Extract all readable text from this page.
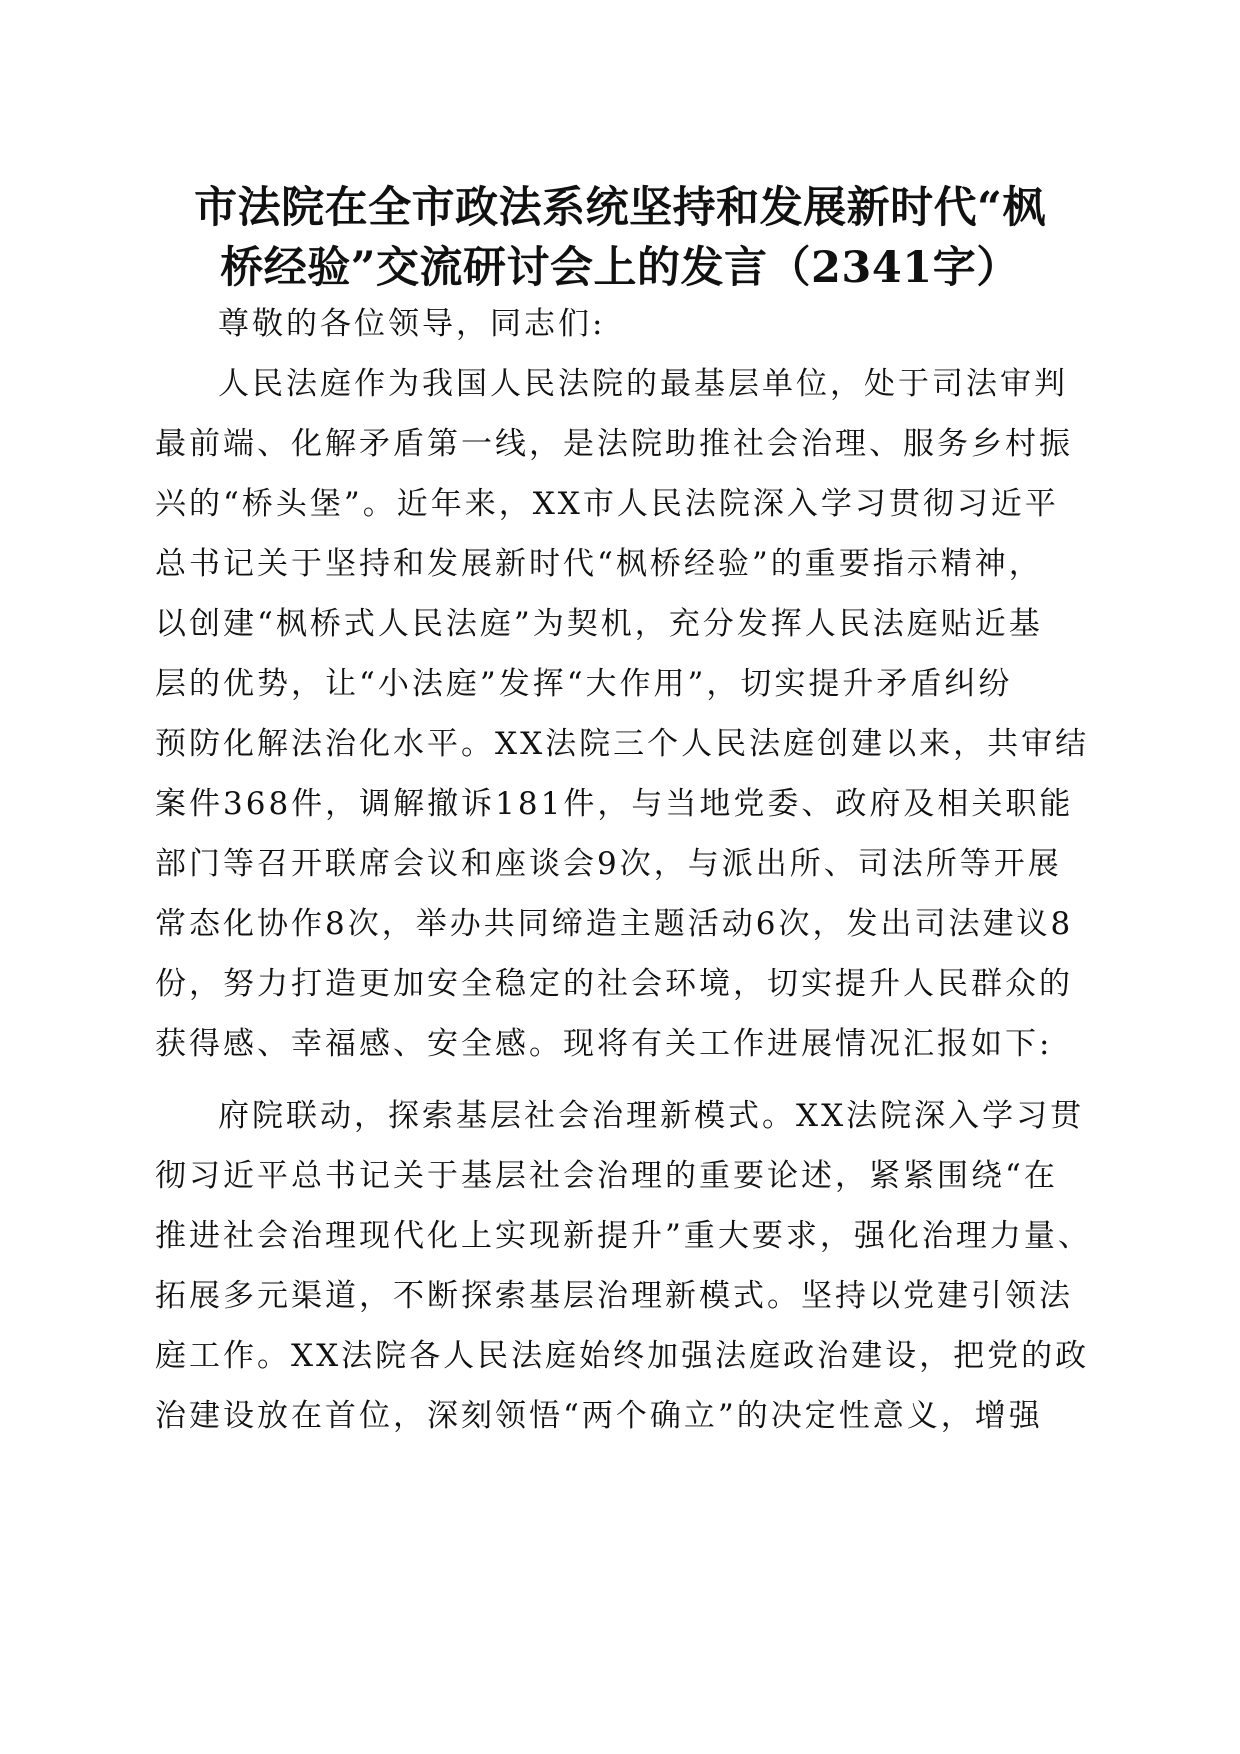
市法院在全市政法系统坚持和发展新时代“枫
桥经验”交流研讨会上的发言（2341字）
尊敬的各位领导，同志们:
人民法庭作为我国人民法院的最基层单位，处于司法审判
最前端、化解矛盾第一线，是法院助推社会治理、服务乡村振
兴的“桥头堡”。近年来，XX市人民法院深入学习贯彻习近平
总书记关于坚持和发展新时代“枫桥经验”的重要指示精神，
以创建“枫桥式人民法庭”为契机，充分发挥人民法庭贴近基
层的优势，让“小法庭”发挥“大作用”，切实提升矛盾纠纷
预防化解法治化水平。XX法院三个人民法庭创建以来，共审结
案件368件，调解撤诉181件，与当地党委、政府及相关职能
部门等召开联席会议和座谈会9次，与派出所、司法所等开展
常态化协作8次，举办共同缔造主题活动6次，发出司法建议8
份，努力打造更加安全稳定的社会环境，切实提升人民群众的
获得感、幸福感、安全感。现将有关工作进展情况汇报如下:
府院联动，探索基层社会治理新模式。XX法院深入学习贯
彻习近平总书记关于基层社会治理的重要论述，紧紧围绕“在
推进社会治理现代化上实现新提升”重大要求，强化治理力量、
拓展多元渠道，不断探索基层治理新模式。坚持以党建引领法
庭工作。XX法院各人民法庭始终加强法庭政治建设，把党的政
治建设放在首位，深刻领悟“两个确立”的决定性意义，增强
